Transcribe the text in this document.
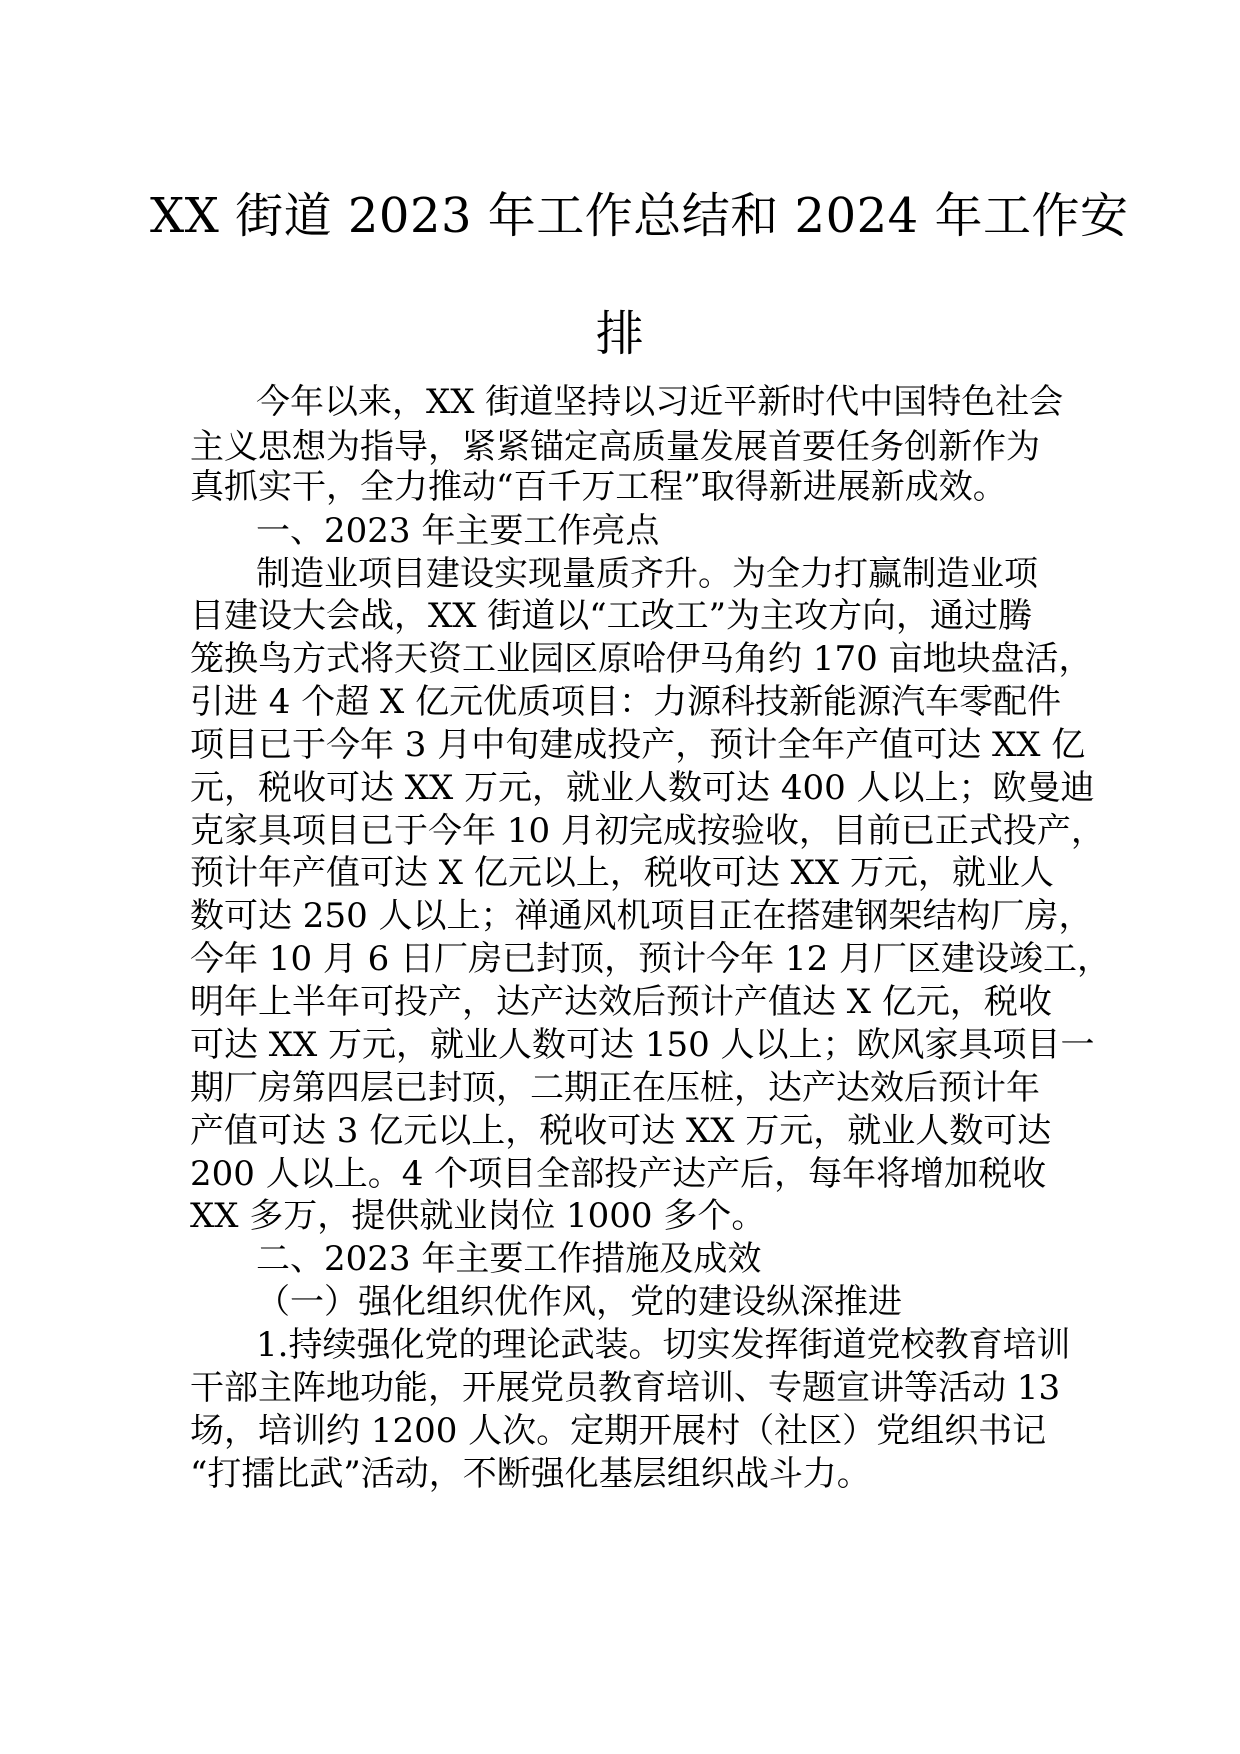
XX 街道 2023 年工作总结和 2024 年工作安
排
今年以来，XX 街道坚持以习近平新时代中国特色社会
主义思想为指导，紧紧锚定高质量发展首要任务创新作为
真抓实干，全力推动“百千万工程”取得新进展新成效。
一、2023 年主要工作亮点
制造业项目建设实现量质齐升。为全力打赢制造业项
目建设大会战，XX 街道以“工改工”为主攻方向，通过腾
笼换鸟方式将天资工业园区原哈伊马角约 170 亩地块盘活，
引进 4 个超 X 亿元优质项目：力源科技新能源汽车零配件
项目已于今年 3 月中旬建成投产，预计全年产值可达 XX 亿
元，税收可达 XX 万元，就业人数可达 400 人以上；欧曼迪
克家具项目已于今年 10 月初完成按验收，目前已正式投产，
预计年产值可达 X 亿元以上，税收可达 XX 万元，就业人
数可达 250 人以上；禅通风机项目正在搭建钢架结构厂房，
今年 10 月 6 日厂房已封顶，预计今年 12 月厂区建设竣工，
明年上半年可投产，达产达效后预计产值达 X 亿元，税收
可达 XX 万元，就业人数可达 150 人以上；欧风家具项目一
期厂房第四层已封顶，二期正在压桩，达产达效后预计年
产值可达 3 亿元以上，税收可达 XX 万元，就业人数可达
200 人以上。4 个项目全部投产达产后，每年将增加税收
XX 多万，提供就业岗位 1000 多个。
二、2023 年主要工作措施及成效
（一）强化组织优作风，党的建设纵深推进
1.持续强化党的理论武装。切实发挥街道党校教育培训
干部主阵地功能，开展党员教育培训、专题宣讲等活动 13
场，培训约 1200 人次。定期开展村（社区）党组织书记
“打擂比武”活动，不断强化基层组织战斗力。
